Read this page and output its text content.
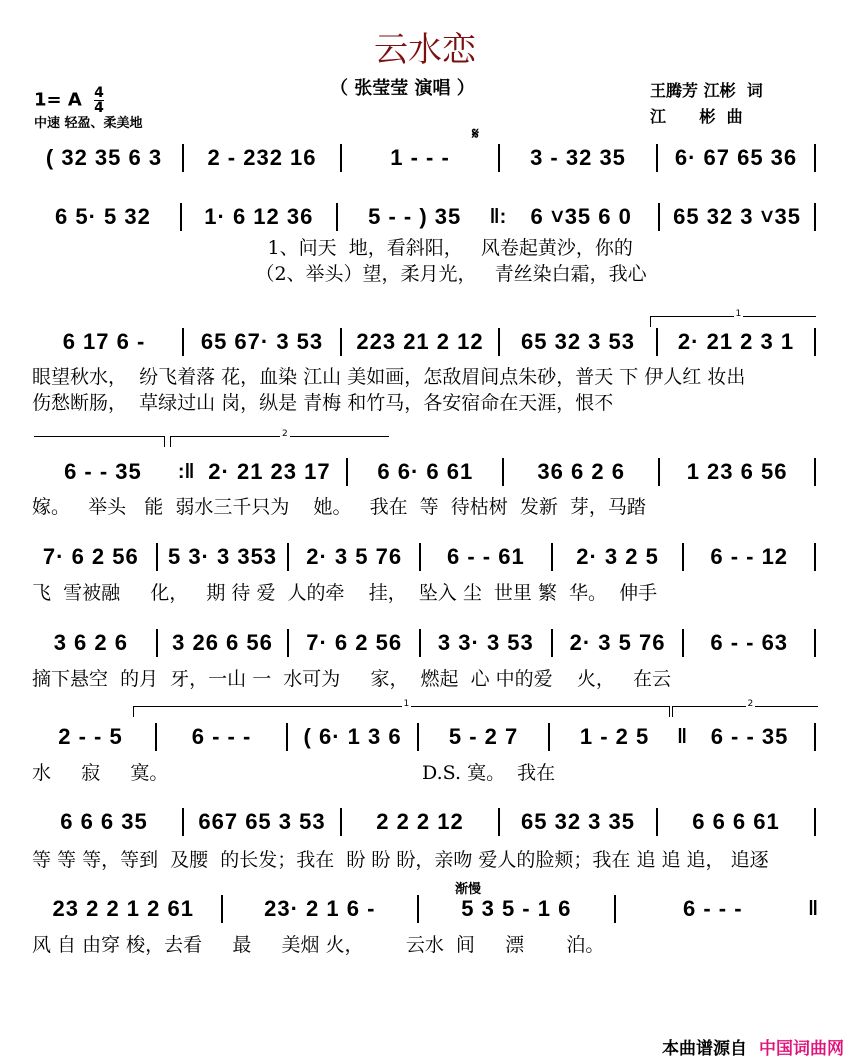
云水恋
（ 张莹莹 演唱 ）
1= A $\frac{4}{4}$
中速 轻盈、柔美地
王腾芳 江彬  词
江      彬  曲
𝄋
渐慢
1
2
1	2
( 32 35 6 3	2 - 232 16	1 - - -	3 - 32 35	6· 67 65 36
6 5· 5 32	1· 6 12 36	5 - - ) 35	‖:	6 ˅35 6 0	65 32 3 ˅35
6 17 6 -	65 67· 3 53	223 21 2 12	65 32 3 53	2· 21 2 3 1
6 - - 35	:‖ 2· 21 23 17	6 6· 6 61	36 6 2 6	1 23 6 56
7· 6 2 56	5 3· 3 353	2· 3 5 76	6 - - 61	2· 3 2 5	6 - - 12
3 6 2 6	3 26 6 56	7· 6 2 56	3 3· 3 53	2· 3 5 76	6 - - 63
2 - - 5	6 - - -	( 6· 1 3 6	5 - 2 7	1 - 2 5	‖	6 - - 35
6 6 6 35	667 65 3 53	2 2 2 12	65 32 3 35	6 6 6 61
23 2 2 1 2 61	23· 2 1 6 -	5 3 5 - 1 6	6 - - -	‖
1、问天  地，看斜阳，   风卷起黄沙，你的
（2、举头）望，柔月光，   青丝染白霜，我心
眼望秋水，  纷飞着落 花，血染 江山 美如画，怎敌眉间点朱砂，普天 下 伊人红 妆出
伤愁断肠，  草绿过山 岗，纵是 青梅 和竹马，各安宿命在天涯，恨不
嫁。   举头   能  弱水三千只为    她。   我在  等  待枯树  发新  芽，马踏
飞  雪被融     化，   期 待 爱  人的牵    挂，  坠入 尘  世里 繁  华。  伸手
摘下悬空  的月  牙，一山 一  水可为     家，  燃起  心 中的爱    火，   在云
水     寂     寞。                                          D.S. 寞。  我在
等 等 等，等到  及腰  的长发；我在  盼 盼 盼，亲吻 爱人的脸颊；我在 追 追 追， 追逐
风 自 由穿 梭，去看     最     美烟 火，       云水  间     漂       泊。
本曲谱源自 中国词曲网
